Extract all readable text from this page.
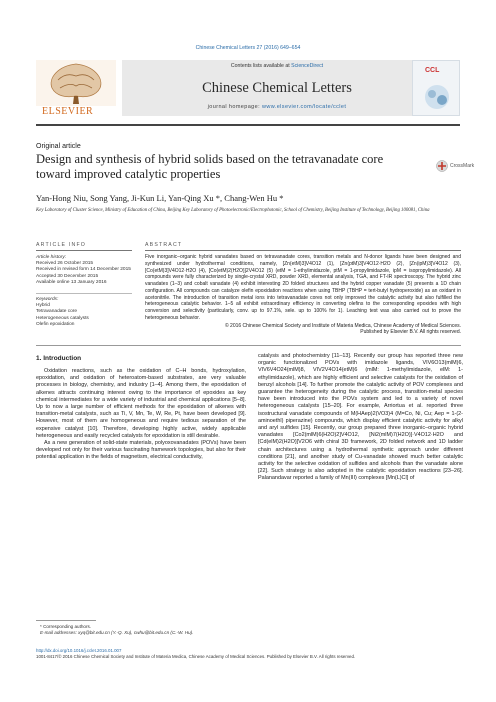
Chinese Chemical Letters 27 (2016) 649–654
ELSEVIER
Contents lists available at ScienceDirect
Chinese Chemical Letters
journal homepage: www.elsevier.com/locate/cclet
CCL
Original article
Design and synthesis of hybrid solids based on the tetravanadate core toward improved catalytic properties
CrossMark
Yan-Hong Niu, Song Yang, Ji-Kun Li, Yan-Qing Xu *, Chang-Wen Hu *
Key Laboratory of Cluster Science, Ministry of Education of China, Beijing Key Laboratory of Photoelectronic/Electrophotonic, School of Chemistry, Beijing Institute of Technology, Beijing 100081, China
ARTICLE INFO
Article history:
Received 26 October 2015
Received in revised form 14 December 2015
Accepted 30 December 2015
Available online 13 January 2016
Keywords:
Hybrid
Tetravanadate core
Heterogeneous catalysts
Olefin epoxidation
ABSTRACT
Five inorganic–organic hybrid vanadates based on tetravanadate cores, transition metals and N-donor ligands have been designed and synthesized under hydrothermal conditions, namely, [Zn(etM)3]V4O12 (1), [Zn(ptM)3]V4O12·H2O (2), [Zn(ipM)3]V4O12 (3), [Co(etM)3]V4O12·H2O (4), [Co(etM)2(H2O)]2V4O12 (5) (etM = 1-ethylimidazole, ptM = 1-propylimidazole, ipM = isopropylimidazole). All compounds were fully characterized by single-crystal XRD, powder XRD, elemental analysis, TGA, and FT-IR spectroscopy. The hybrid zinc vanadates (1–3) and cobalt vanadate (4) exhibit interesting 2D folded structures and the hybrid copper vanadate (5) presents a 1D chain configuration. All compounds can catalyze olefin epoxidation reactions when using TBHP (TBHP = tert-butyl hydroperoxide) as an oxidant in acetonitrile. The introduction of transition metal ions into tetravanadate cores not only improved the catalytic activity but also fulfilled the heterogeneous catalytic behavior. 1–5 all exhibit extraordinary efficiency in converting olefins to the corresponding epoxides with high conversion and selectivity (particularly, conv. up to 97.1%, sele. up to 100% for 1). Leaching test was also carried out to prove the heterogeneous behavior.
© 2016 Chinese Chemical Society and Institute of Materia Medica, Chinese Academy of Medical Sciences.
Published by Elsevier B.V. All rights reserved.
1. Introduction

Oxidation reactions, such as the oxidation of C–H bonds, hydroxylation, epoxidation, and oxidation of heteroatom-based substrates, are very valuable processes in biology, chemistry, and industry [1–4]. Among them, the epoxidation of alkenes attracts continuing interest owing to the importance of epoxides as key chemical intermediates for a wide variety of industrial and chemical applications [5–8]. Up to now a large number of efficient methods for the epoxidation of alkenes with transition-metal catalysts, such as Ti, V, Mn, Te, W, Re, Pt, have been developed [9]. However, most of them are homogeneous and require tedious separation of the expensive catalyst [10]. Therefore, developing highly active, widely applicable heterogeneous and easily recycled catalysts for epoxidation is still desirable.

As a new generation of solid-state materials, polyoxovanadates (POVs) have been developed not only for their various fascinating framework topologies, but also for their potential application in the fields of magnetism, electrical conductivity,

catalysis and photochemistry [11–13]. Recently our group has reported three new organic functionalized POVs with imidazole ligands, VIV6O13(mlM)6, VIV6V4O24(mlM)8, VIV2V4O14(etM)6 (mlM: 1-methylimidazole, elM: 1-ethylimidazole), which are highly efficient and selective catalysts for the oxidation of benzyl alcohols [14]. To further promote the catalytic activity of POV complexes and guarantee the heterogeneity during the catalytic process, transition-metal species have been introduced into the POVs system and led to a variety of novel heterogeneous catalysts [15–20]. For example, Arriortua et al. reported three isostructural vanadate compounds of M(HAep)2(VO3)4 (M=Co, Ni, Cu; Aep = 1-(2-aminoethl) piperazine) compounds, which display efficient catalytic activity for alkyl and aryl sulfides [15]. Recently, our group prepared three inorganic–organic hybrid vanadates [Co2(mlM)6(H2O)2]V4O12, [Ni2(mlM)7(H2O)]·V4O12·H2O and [Cd(elM)2(H2O)]V2O6 with chiral 3D framework, 2D folded network and 1D ladder chain architectures using a hydrothermal synthetic approach under different conditions [21], and another study of Cu-vanadate showed much better catalytic activity for the selective oxidation of sulfides and alcohols than the vanadate alone [22]. Such strategy is also adopted in the catalytic epoxidation reactions [23–26]. Palanandavar reported a family of Mn(III) complexes [Mn(L)Cl] of

* Corresponding authors.
E-mail addresses: xyq@bit.edu.cn (Y.-Q. Xu), cwhu@bit.edu.cn (C.-W. Hu).
http://dx.doi.org/10.1016/j.cclet.2016.01.007
1001-8417/© 2016 Chinese Chemical Society and Institute of Materia Medica, Chinese Academy of Medical Sciences. Published by Elsevier B.V. All rights reserved.
